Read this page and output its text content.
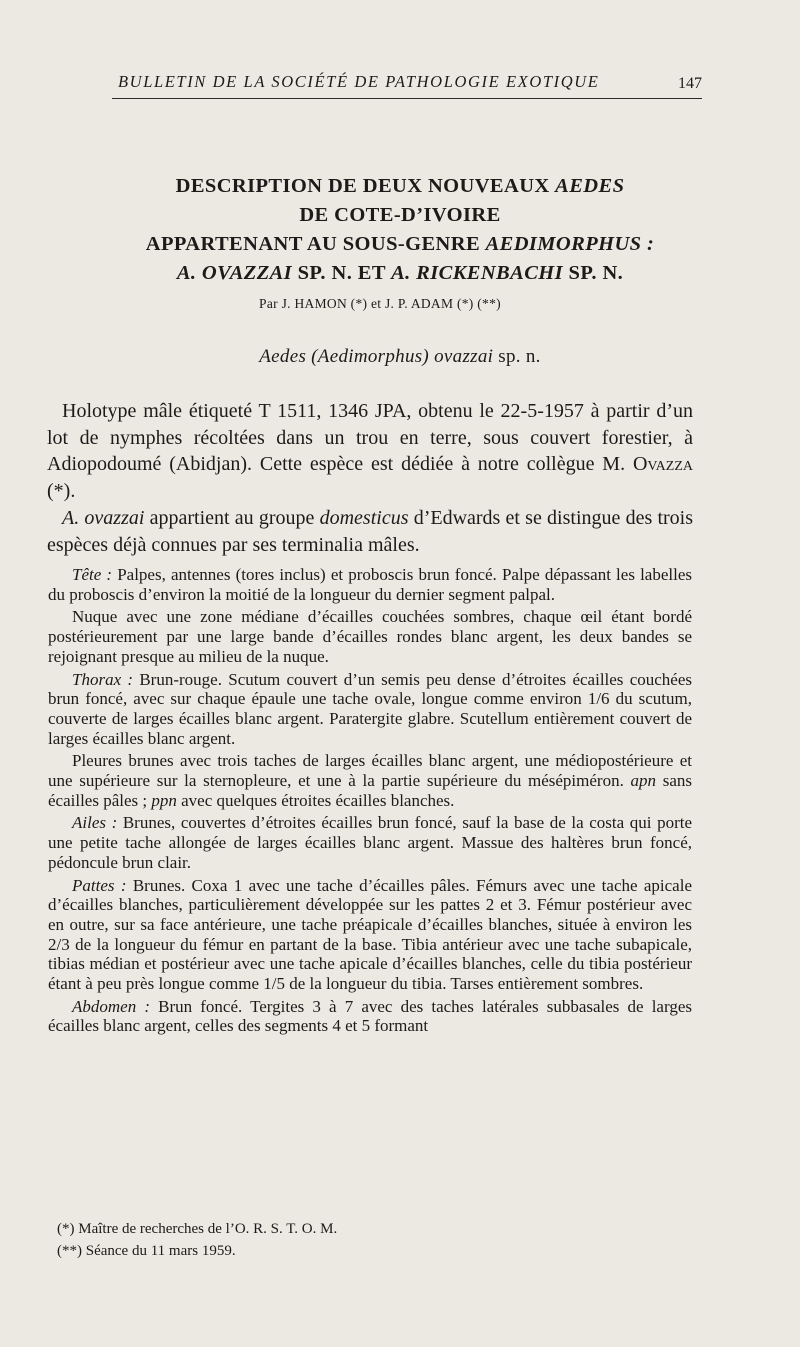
BULLETIN DE LA SOCIÉTÉ DE PATHOLOGIE EXOTIQUE	147
DESCRIPTION DE DEUX NOUVEAUX AEDES
DE COTE-D’IVOIRE
APPARTENANT AU SOUS-GENRE AEDIMORPHUS :
A. OVAZZAI SP. N. ET A. RICKENBACHI SP. N.
Par J. HAMON (*) et J. P. ADAM (*) (**)
Aedes (Aedimorphus) ovazzai sp. n.

Holotype mâle étiqueté T 1511, 1346 JPA, obtenu le 22-5-1957 à partir d’un lot de nymphes récoltées dans un trou en terre, sous couvert forestier, à Adiopodoumé (Abidjan). Cette espèce est dédiée à notre collègue M. Ovazza (*).

A. ovazzai appartient au groupe domesticus d’Edwards et se distingue des trois espèces déjà connues par ses terminalia mâles.

Tête : Palpes, antennes (tores inclus) et proboscis brun foncé. Palpe dépassant les labelles du proboscis d’environ la moitié de la longueur du dernier segment palpal.

Nuque avec une zone médiane d’écailles couchées sombres, chaque œil étant bordé postérieurement par une large bande d’écailles rondes blanc argent, les deux bandes se rejoignant presque au milieu de la nuque.

Thorax : Brun-rouge. Scutum couvert d’un semis peu dense d’étroites écailles couchées brun foncé, avec sur chaque épaule une tache ovale, longue comme environ 1/6 du scutum, couverte de larges écailles blanc argent. Paratergite glabre. Scutellum entièrement couvert de larges écailles blanc argent.

Pleures brunes avec trois taches de larges écailles blanc argent, une médiopostérieure et une supérieure sur la sternopleure, et une à la partie supérieure du mésépiméron. apn sans écailles pâles ; ppn avec quelques étroites écailles blanches.

Ailes : Brunes, couvertes d’étroites écailles brun foncé, sauf la base de la costa qui porte une petite tache allongée de larges écailles blanc argent. Massue des haltères brun foncé, pédoncule brun clair.

Pattes : Brunes. Coxa 1 avec une tache d’écailles pâles. Fémurs avec une tache apicale d’écailles blanches, particulièrement développée sur les pattes 2 et 3. Fémur postérieur avec en outre, sur sa face antérieure, une tache préapicale d’écailles blanches, située à environ les 2/3 de la longueur du fémur en partant de la base. Tibia antérieur avec une tache subapicale, tibias médian et postérieur avec une tache apicale d’écailles blanches, celle du tibia postérieur étant à peu près longue comme 1/5 de la longueur du tibia. Tarses entièrement sombres.

Abdomen : Brun foncé. Tergites 3 à 7 avec des taches latérales subbasales de larges écailles blanc argent, celles des segments 4 et 5 formant

(*) Maître de recherches de l’O. R. S. T. O. M.

(**) Séance du 11 mars 1959.
